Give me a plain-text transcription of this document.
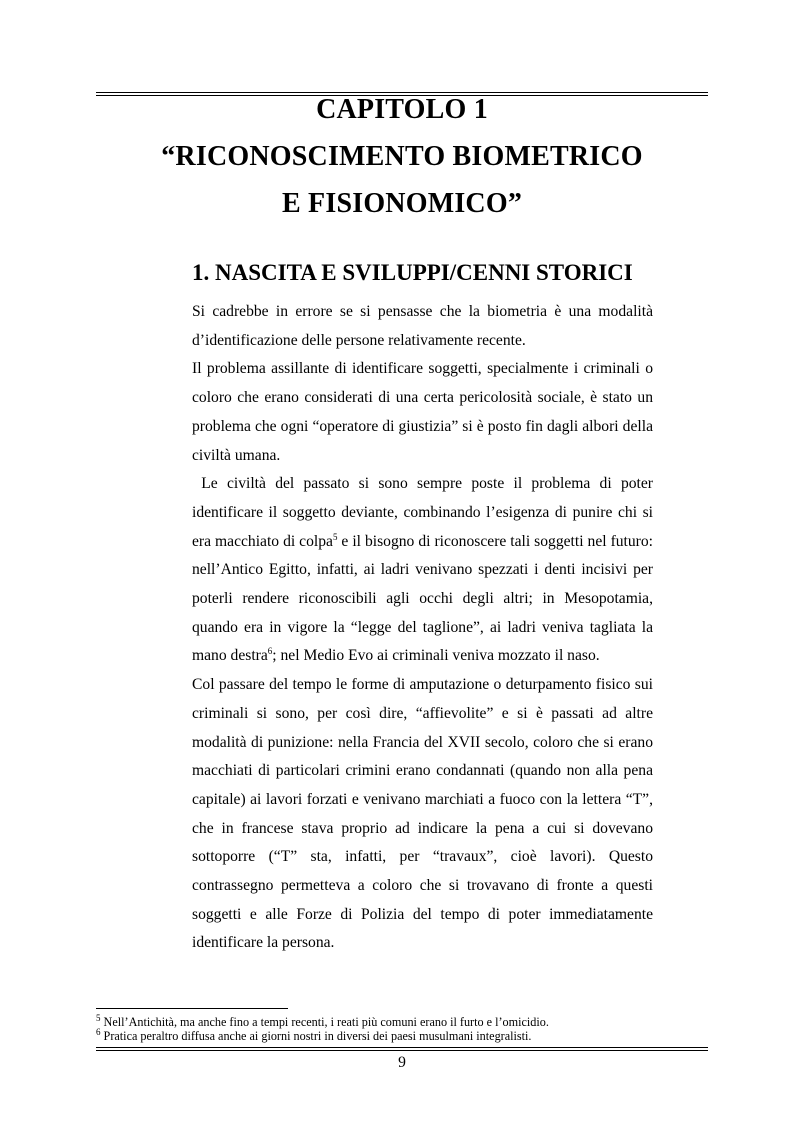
CAPITOLO 1
“RICONOSCIMENTO BIOMETRICO
E FISIONOMICO”
1. NASCITA E SVILUPPI/CENNI STORICI

Si cadrebbe in errore se si pensasse che la biometria è una modalità d’identificazione delle persone relativamente recente.

Il problema assillante di identificare soggetti, specialmente i criminali o coloro che erano considerati di una certa pericolosità sociale, è stato un problema che ogni “operatore di giustizia” si è posto fin dagli albori della civiltà umana.

Le civiltà del passato si sono sempre poste il problema di poter identificare il soggetto deviante, combinando l’esigenza di punire chi si era macchiato di colpa$^5$ e il bisogno di riconoscere tali soggetti nel futuro: nell’Antico Egitto, infatti, ai ladri venivano spezzati i denti incisivi per poterli rendere riconoscibili agli occhi degli altri; in Mesopotamia, quando era in vigore la “legge del taglione”, ai ladri veniva tagliata la mano destra$^6$; nel Medio Evo ai criminali veniva mozzato il naso.

Col passare del tempo le forme di amputazione o deturpamento fisico sui criminali si sono, per così dire, “affievolite” e si è passati ad altre modalità di punizione: nella Francia del XVII secolo, coloro che si erano macchiati di particolari crimini erano condannati (quando non alla pena capitale) ai lavori forzati e venivano marchiati a fuoco con la lettera “T”, che in francese stava proprio ad indicare la pena a cui si dovevano sottoporre (“T” sta, infatti, per “travaux”, cioè lavori). Questo contrassegno permetteva a coloro che si trovavano di fronte a questi soggetti e alle Forze di Polizia del tempo di poter immediatamente identificare la persona.

$^5$ Nell’Antichità, ma anche fino a tempi recenti, i reati più comuni erano il furto e l’omicidio.

$^6$ Pratica peraltro diffusa anche ai giorni nostri in diversi dei paesi musulmani integralisti.

9
